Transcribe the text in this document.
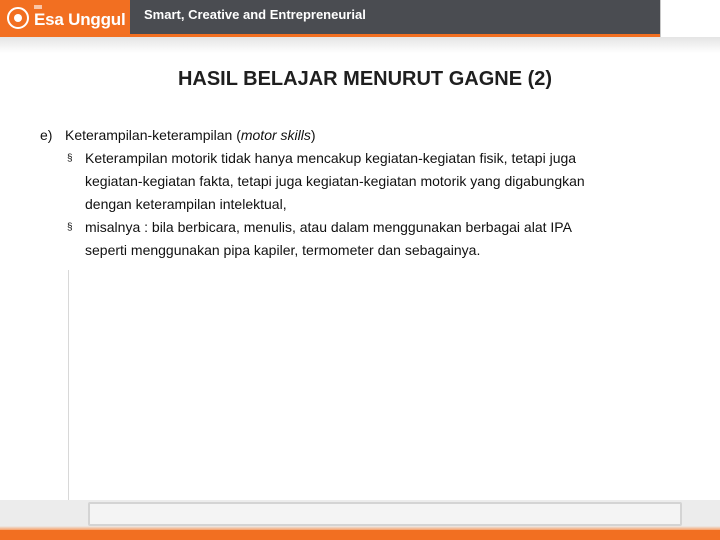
Esa Unggul Smart, Creative and Entrepreneurial
HASIL BELAJAR MENURUT GAGNE (2)
e) Keterampilan-keterampilan (motor skills)
§ Keterampilan motorik tidak hanya mencakup kegiatan-kegiatan fisik, tetapi juga
kegiatan-kegiatan fakta, tetapi juga kegiatan-kegiatan motorik yang digabungkan
dengan keterampilan intelektual,
§ misalnya : bila berbicara, menulis, atau dalam menggunakan berbagai alat IPA
seperti menggunakan pipa kapiler, termometer dan sebagainya.
